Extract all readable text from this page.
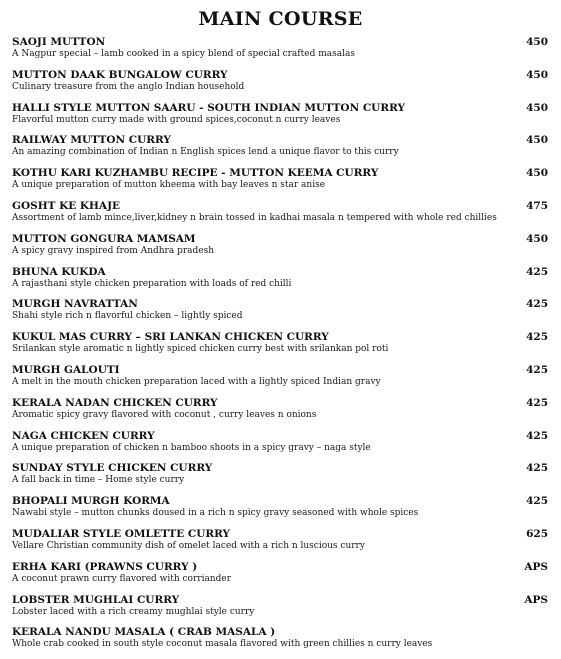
MAIN COURSE
SAOJI MUTTON
A Nagpur special – lamb cooked in a spicy blend of special crafted masalas
450
MUTTON DAAK BUNGALOW CURRY
Culinary treasure from the anglo Indian household
450
HALLI STYLE MUTTON SAARU - SOUTH INDIAN MUTTON CURRY
Flavorful mutton curry made with ground spices,coconut n curry leaves
450
RAILWAY MUTTON CURRY
An amazing combination of Indian n English spices lend a unique flavor to this curry
450
KOTHU KARI KUZHAMBU RECIPE - MUTTON KEEMA CURRY
A unique preparation of mutton kheema with bay leaves n star anise
450
GOSHT KE KHAJE
Assortment of lamb mince,liver,kidney n brain tossed in kadhai masala n tempered with whole red chillies
475
MUTTON GONGURA MAMSAM
A spicy gravy inspired from Andhra pradesh
450
BHUNA KUKDA
A rajasthani style chicken preparation with loads of red chilli
425
MURGH NAVRATTAN
Shahi style rich n flavorful chicken – lightly spiced
425
KUKUL MAS CURRY – SRI LANKAN CHICKEN CURRY
Srilankan style aromatic n lightly spiced chicken curry best with srilankan pol roti
425
MURGH GALOUTI
A melt in the mouth chicken preparation laced with a lightly spiced Indian gravy
425
KERALA NADAN CHICKEN CURRY
Aromatic spicy gravy flavored with coconut , curry leaves n onions
425
NAGA CHICKEN CURRY
A unique preparation of chicken n bamboo shoots in a spicy gravy – naga style
425
SUNDAY STYLE CHICKEN CURRY
A fall back in time – Home style curry
425
BHOPALI MURGH KORMA
Nawabi style – mutton chunks doused in a rich n spicy gravy seasoned with whole spices
425
MUDALIAR STYLE OMLETTE CURRY
Vellare Christian community dish of omelet laced with a rich n luscious curry
625
ERHA KARI (PRAWNS CURRY )
A coconut prawn curry flavored with corriander
APS
LOBSTER MUGHLAI CURRY
Lobster laced with a rich creamy mughlai style curry
APS
KERALA NANDU MASALA ( CRAB MASALA )
Whole crab cooked in south style coconut masala flavored with green chillies n curry leaves
